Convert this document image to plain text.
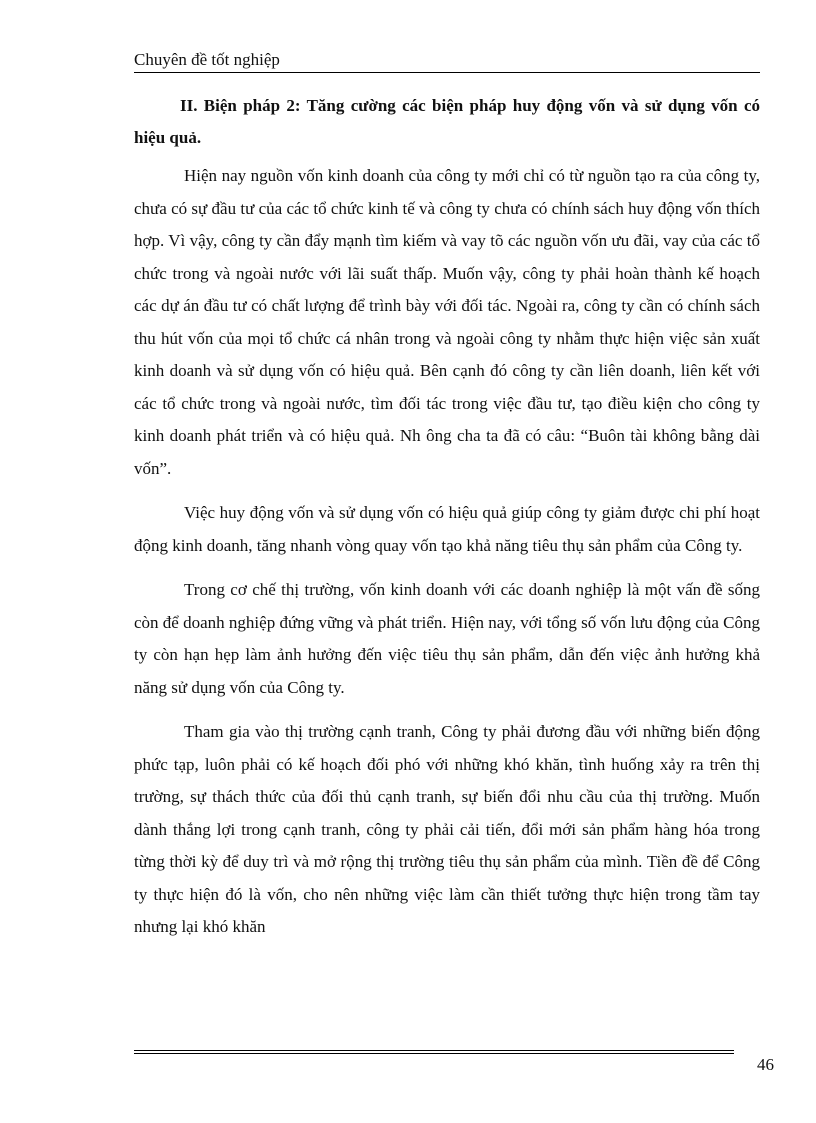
Chuyên đề tốt nghiệp

II. Biện pháp 2: Tăng cường các biện pháp huy động vốn và sử dụng vốn có hiệu quả.

Hiện nay nguồn vốn kinh doanh của công ty mới chỉ có từ nguồn tạo ra của công ty, chưa có sự đầu tư của các tổ chức kinh tế và công ty chưa có chính sách huy động vốn thích hợp. Vì vậy, công ty cần đẩy mạnh tìm kiếm và vay tõ các nguồn vốn ưu đãi, vay của các tổ chức trong và ngoài nước với lãi suất thấp. Muốn vậy, công ty phải hoàn thành kế hoạch các dự án đầu tư có chất lượng để trình bày với đối tác. Ngoài ra, công ty cần có chính sách thu hút vốn của mọi tổ chức cá nhân trong và ngoài công ty nhằm thực hiện việc sản xuất kinh doanh và sử dụng vốn có hiệu quả. Bên cạnh đó công ty cần liên doanh, liên kết với các tổ chức trong và ngoài nước, tìm đối tác trong việc đầu tư, tạo điều kiện cho công ty kinh doanh phát triển và có hiệu quả. Nh ông cha ta đã có câu: “Buôn tài không bằng dài vốn”.

Việc huy động vốn và sử dụng vốn có hiệu quả giúp công ty giảm được chi phí hoạt động kinh doanh, tăng nhanh vòng quay vốn tạo khả năng tiêu thụ sản phẩm của Công ty.

Trong cơ chế thị trường, vốn kinh doanh với các doanh nghiệp là một vấn đề sống còn để doanh nghiệp đứng vững và phát triển. Hiện nay, với tổng số vốn lưu động của Công ty còn hạn hẹp làm ảnh hưởng đến việc tiêu thụ sản phẩm, dẫn đến việc ảnh hưởng khả năng sử dụng vốn của Công ty.

Tham gia vào thị trường cạnh tranh, Công ty phải đương đầu với những biến động phức tạp, luôn phải có kế hoạch đối phó với những khó khăn, tình huống xảy ra trên thị trường, sự thách thức của đối thủ cạnh tranh, sự biến đổi nhu cầu của thị trường. Muốn dành thắng lợi trong cạnh tranh, công ty phải cải tiến, đổi mới sản phẩm hàng hóa trong từng thời kỳ để duy trì và mở rộng thị trường tiêu thụ sản phẩm của mình. Tiền đề để Công ty thực hiện đó là vốn, cho nên những việc làm cần thiết tưởng thực hiện trong tầm tay nhưng lại khó khăn

46
